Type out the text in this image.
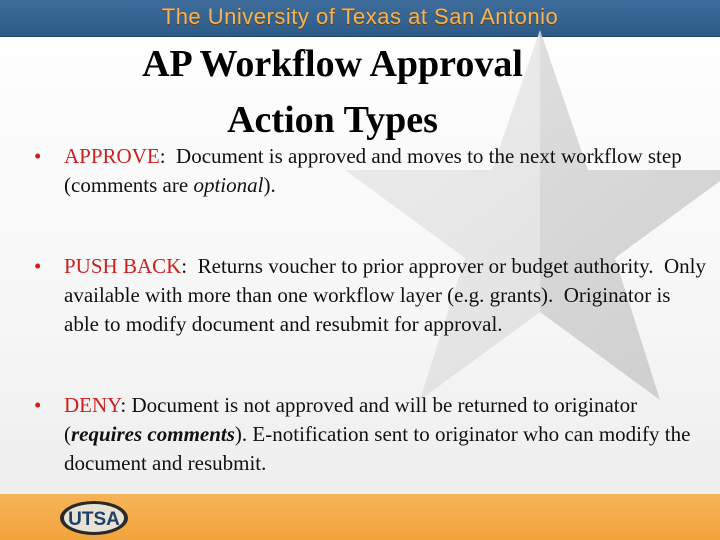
The University of Texas at San Antonio
AP Workflow Approval
Action Types
• APPROVE:  Document is approved and moves to the next workflow step (comments are optional).
• PUSH BACK:  Returns voucher to prior approver or budget authority.  Only available with more than one workflow layer (e.g. grants).  Originator is able to modify document and resubmit for approval.
• DENY: Document is not approved and will be returned to originator (requires comments). E-notification sent to originator who can modify the document and resubmit.
UTSA
